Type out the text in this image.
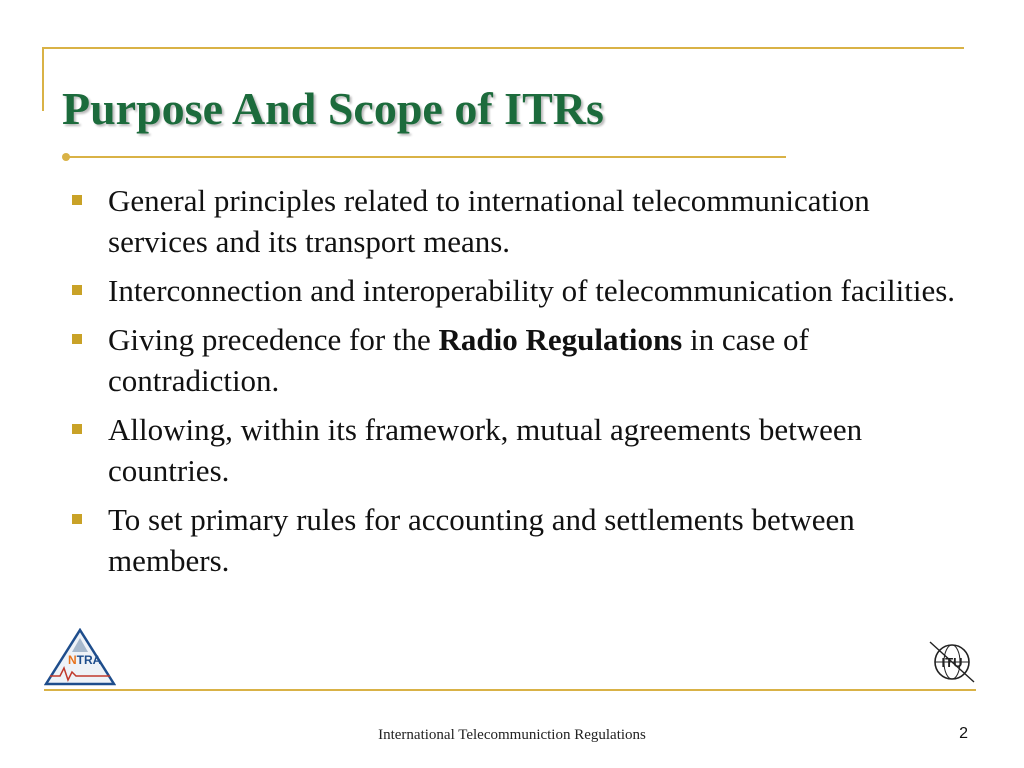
Purpose And Scope of ITRs
General principles related to international telecommunication services and its transport means.
Interconnection and interoperability of telecommunication facilities.
Giving precedence for the Radio Regulations in case of contradiction.
Allowing, within its framework, mutual agreements between countries.
To set primary rules for accounting and settlements between members.
NTRA	ITU
International Telecommuniction Regulations	2
